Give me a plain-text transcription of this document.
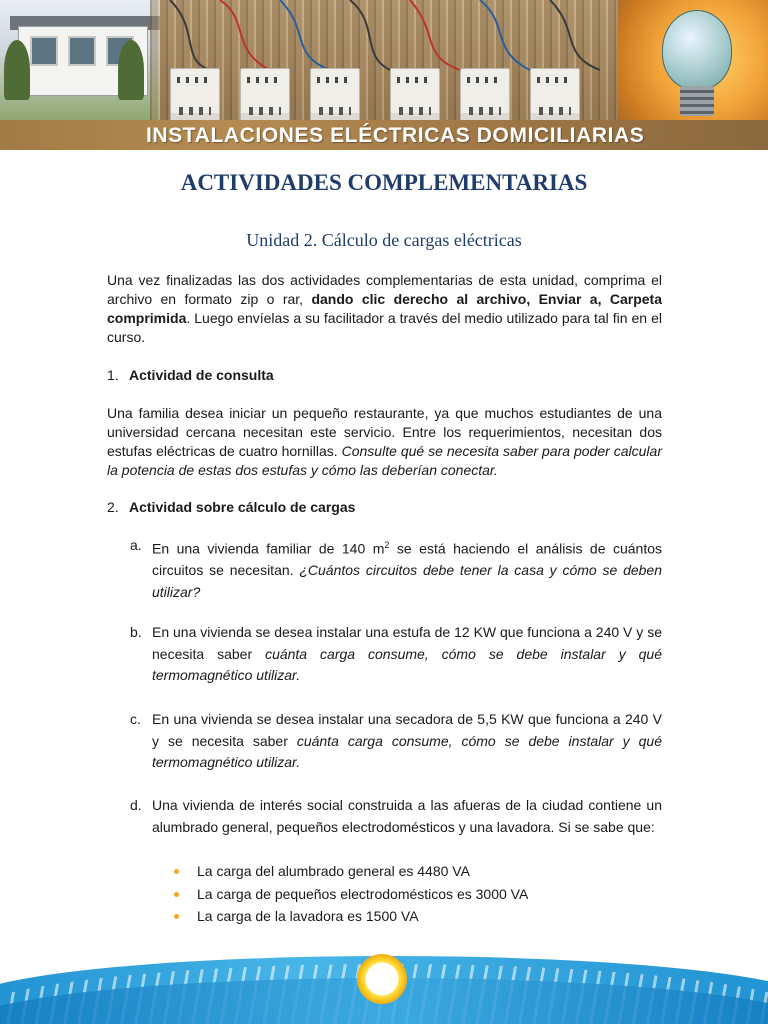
INSTALACIONES ELÉCTRICAS DOMICILIARIAS
ACTIVIDADES COMPLEMENTARIAS
Unidad 2. Cálculo de cargas eléctricas

Una vez finalizadas las dos actividades complementarias de esta unidad, comprima el archivo en formato zip o rar, dando clic derecho al archivo, Enviar a, Carpeta comprimida. Luego envíelas a su facilitador a través del medio utilizado para tal fin en el curso.

1. Actividad de consulta

Una familia desea iniciar un pequeño restaurante, ya que muchos estudiantes de una universidad cercana necesitan este servicio. Entre los requerimientos, necesitan dos estufas eléctricas de cuatro hornillas. Consulte qué se necesita saber para poder calcular la potencia de estas dos estufas y cómo las deberían conectar.

2. Actividad sobre cálculo de cargas
a. En una vivienda familiar de 140 $m^2$ se está haciendo el análisis de cuántos circuitos se necesitan. ¿Cuántos circuitos debe tener la casa y cómo se deben utilizar?
b. En una vivienda se desea instalar una estufa de 12 KW que funciona a 240 V y se necesita saber cuánta carga consume, cómo se debe instalar y qué termomagnético utilizar.
c. En una vivienda se desea instalar una secadora de 5,5 KW que funciona a 240 V y se necesita saber cuánta carga consume, cómo se debe instalar y qué termomagnético utilizar.
d. Una vivienda de interés social construida a las afueras de la ciudad contiene un alumbrado general, pequeños electrodomésticos y una lavadora. Si se sabe que:
La carga del alumbrado general es 4480 VA
La carga de pequeños electrodomésticos es 3000 VA
La carga de la lavadora es 1500 VA
